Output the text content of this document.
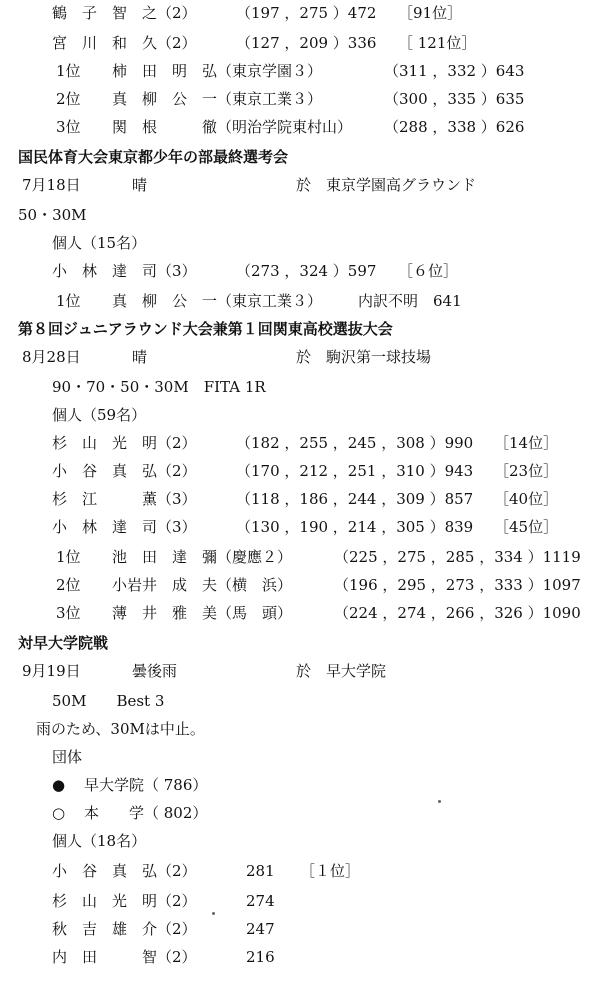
鶴　子　智　之（2）	（197 ，275 ）472 ［91位］
宮　川　和　久（2）	（127 ，209 ）336 ［ 121位］
1位 柿　田　明　弘（東京学園３）	（311 ，332 ）643
2位 真　柳　公　一（東京工業３）	（300 ，335 ）635
3位 関　根　　　徹（明治学院東村山） （288 ，338 ）626
国民体育大会東京都少年の部最終選考会
7月18日	晴	於　東京学園高グラウンド
50・30M
個人（15名）
小　林　達　司（3）	（273 ，324 ）597 ［６位］
1位 真　柳　公　一（東京工業３） 内訳不明　641
第８回ジュニアラウンド大会兼第１回関東高校選抜大会
8月28日	晴	於　駒沢第一球技場
90・70・50・30M　FITA 1R
個人（59名）
杉　山　光　明（2）	（182 ，255 ，245 ，308 ）990 ［14位］
小　谷　真　弘（2）	（170 ，212 ，251 ，310 ）943 ［23位］
杉　江　　　薫（3）	（118 ，186 ，244 ，309 ）857 ［40位］
小　林　達　司（3）	（130 ，190 ，214 ，305 ）839 ［45位］
1位 池　田　達　彌（慶應２）	（225 ，275 ，285 ，334 ）1119
2位 小岩井　成　夫（横　浜）	（196 ，295 ，273 ，333 ）1097
3位 薄　井　雅　美（馬　頭）	（224 ，274 ，266 ，326 ）1090
対早大学院戦
9月19日	曇後雨	於　早大学院
50M　　Best 3
雨のため、30Mは中止。
団体
● 早大学院（ 786）
○ 本　　学（ 802）
個人（18名）
小　谷　真　弘（2）	281 ［１位］
杉　山　光　明（2）	274
秋　吉　雄　介（2）	247
内　田　　　智（2）	216
